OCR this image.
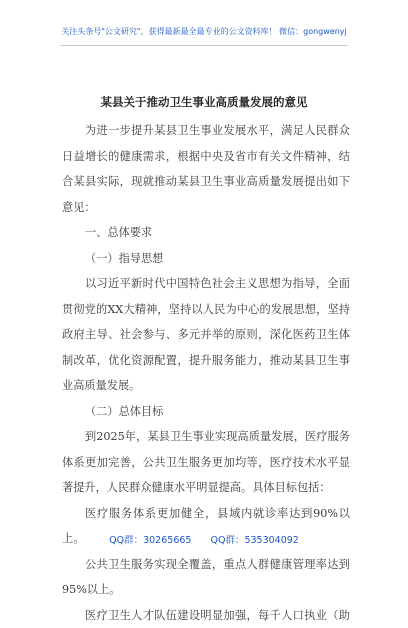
关注头条号"公文研究"，获得最新最全最专业的公文资料库！ 微信：gongwenyj
某县关于推动卫生事业高质量发展的意见

为进一步提升某县卫生事业发展水平，满足人民群众

日益增长的健康需求，根据中央及省市有关文件精神，结

合某县实际，现就推动某县卫生事业高质量发展提出如下

意见：

一、总体要求

（一）指导思想

以习近平新时代中国特色社会主义思想为指导，全面

贯彻党的XX大精神，坚持以人民为中心的发展思想，坚持

政府主导、社会参与、多元并举的原则，深化医药卫生体

制改革，优化资源配置，提升服务能力，推动某县卫生事

业高质量发展。

（二）总体目标

到2025年，某县卫生事业实现高质量发展，医疗服务

体系更加完善，公共卫生服务更加均等，医疗技术水平显

著提升，人民群众健康水平明显提高。具体目标包括：

医疗服务体系更加健全，县域内就诊率达到90%以上。

公共卫生服务实现全覆盖，重点人群健康管理率达到

95%以上。

医疗卫生人才队伍建设明显加强，每千人口执业（助

QQ群：30265665 QQ群：535304092
